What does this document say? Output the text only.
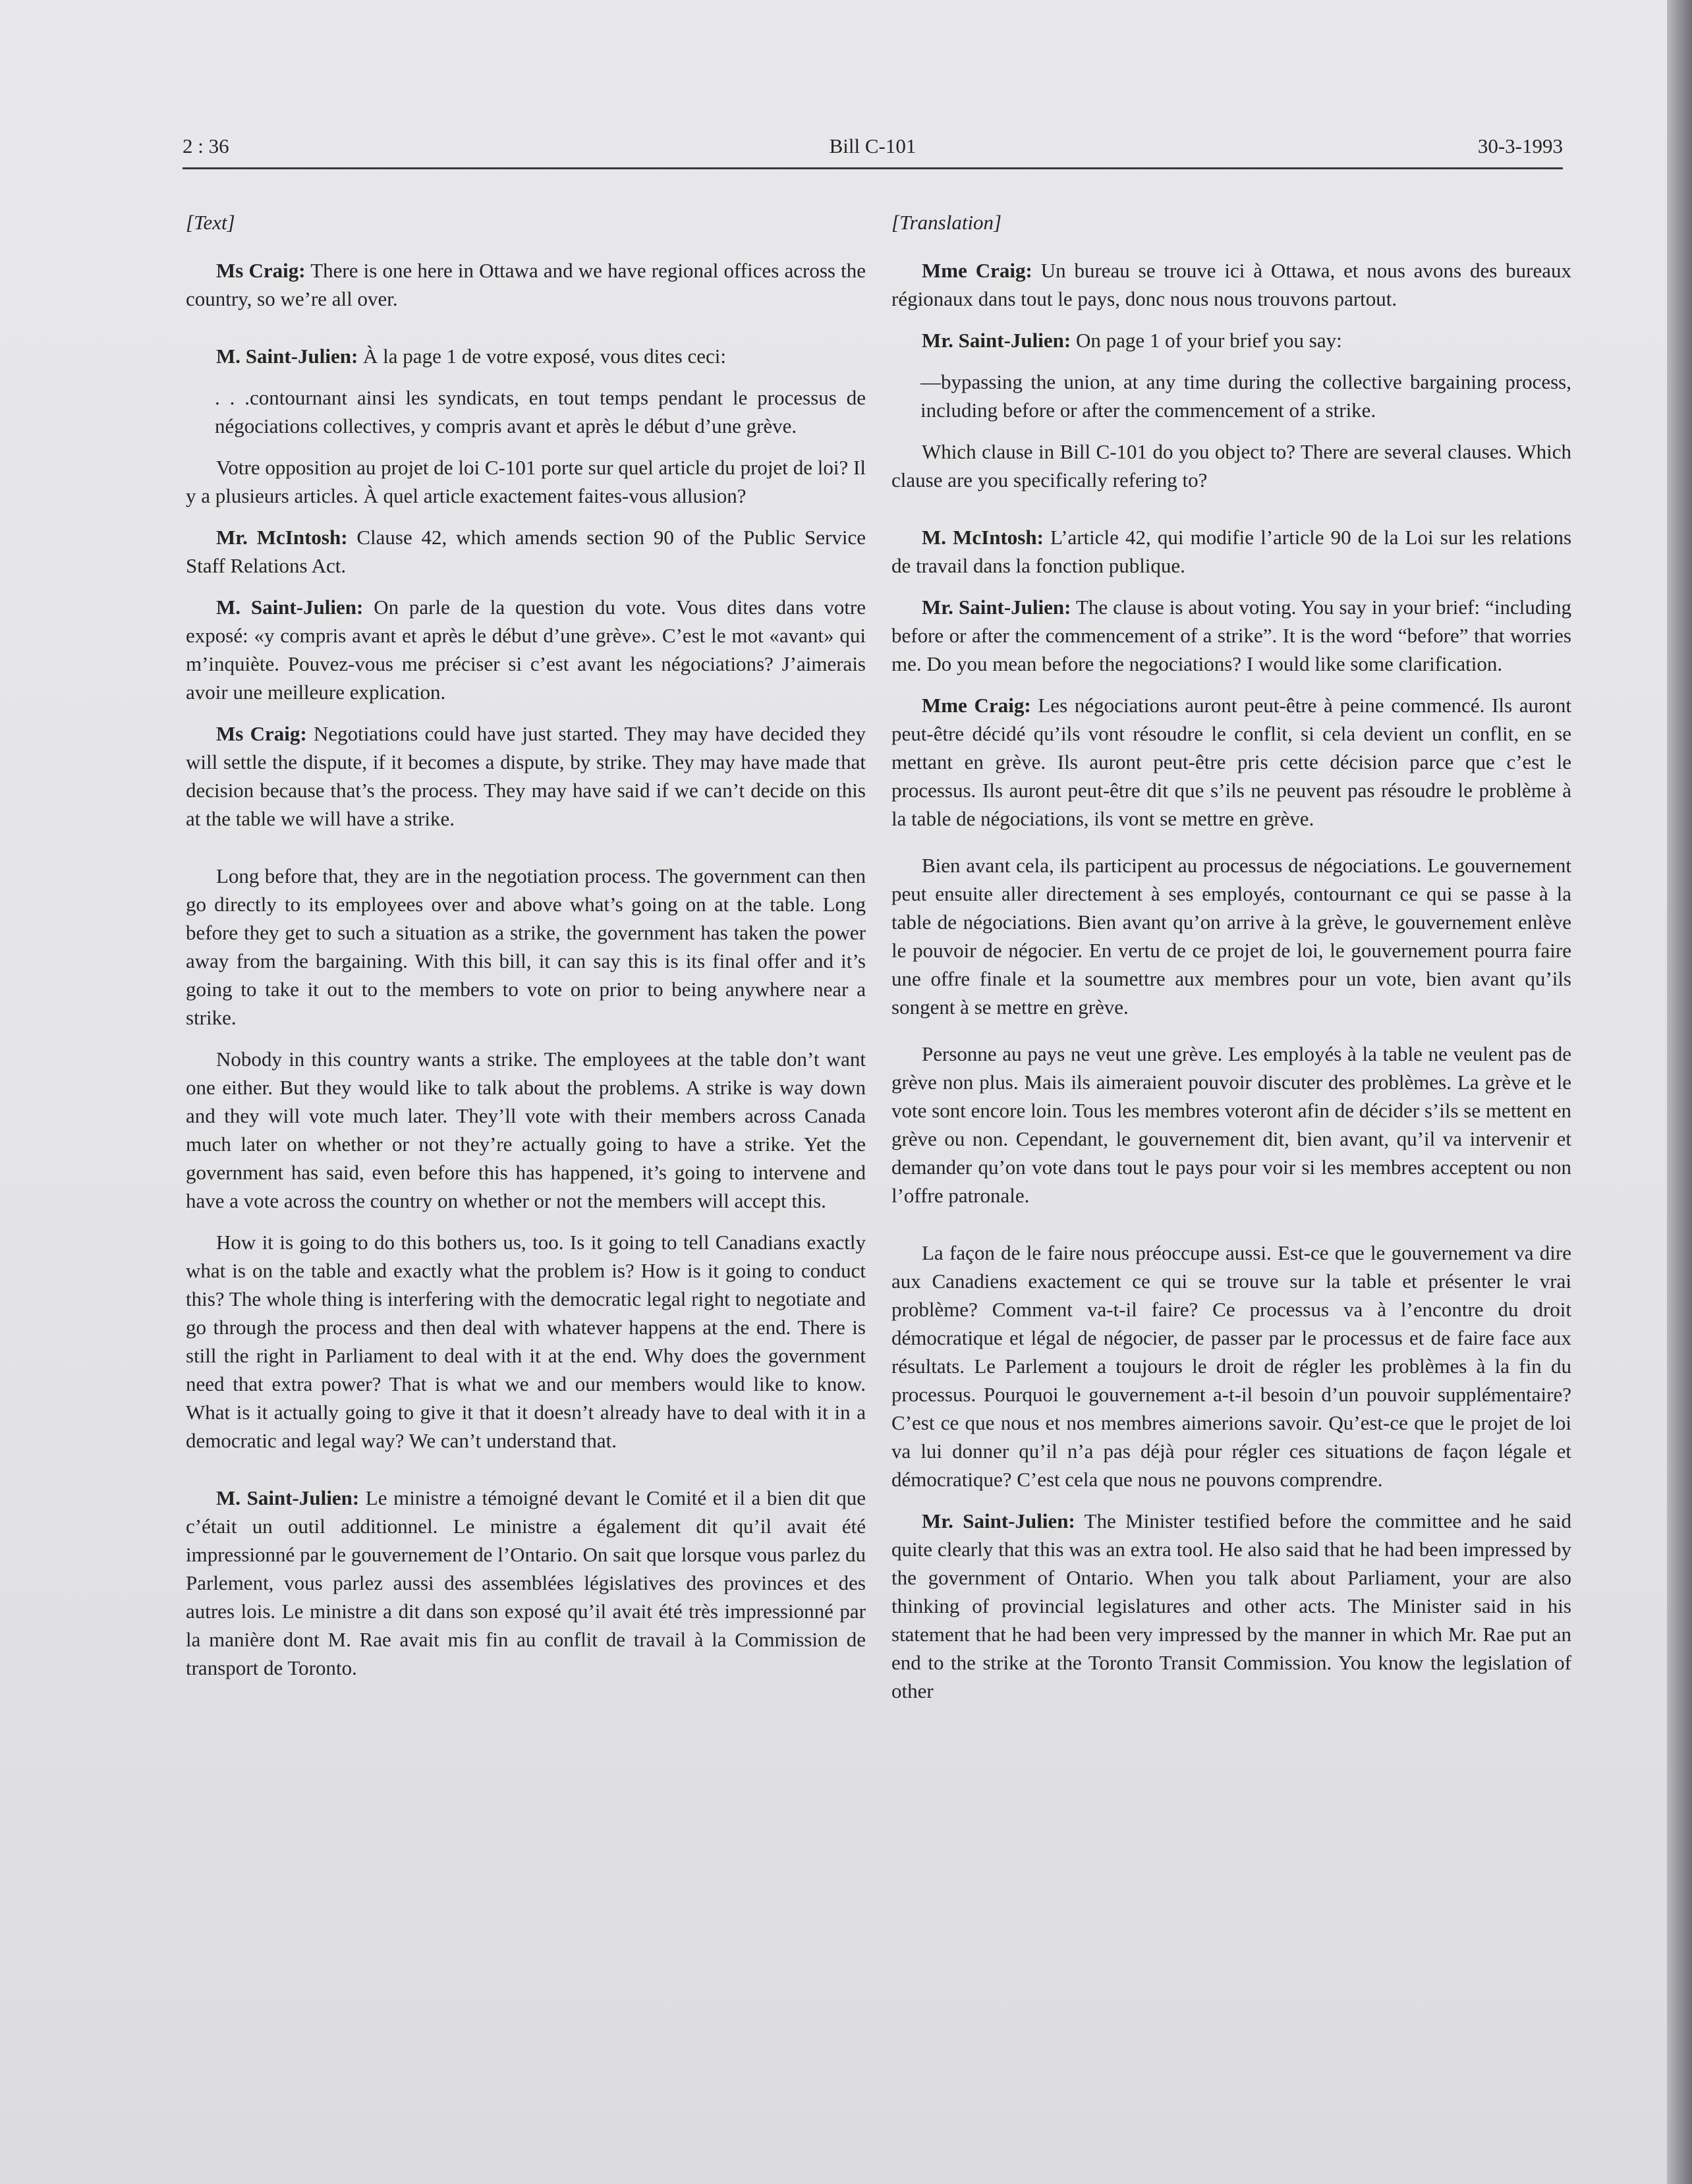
2 : 36	Bill C-101	30-3-1993

[Text]

Ms Craig: There is one here in Ottawa and we have regional offices across the country, so we’re all over.

M. Saint-Julien: À la page 1 de votre exposé, vous dites ceci:

. . .contournant ainsi les syndicats, en tout temps pendant le processus de négociations collectives, y compris avant et après le début d’une grève.

Votre opposition au projet de loi C-101 porte sur quel article du projet de loi? Il y a plusieurs articles. À quel article exactement faites-vous allusion?

Mr. McIntosh: Clause 42, which amends section 90 of the Public Service Staff Relations Act.

M. Saint-Julien: On parle de la question du vote. Vous dites dans votre exposé: «y compris avant et après le début d’une grève». C’est le mot «avant» qui m’inquiète. Pouvez-vous me préciser si c’est avant les négociations? J’aimerais avoir une meilleure explication.

Ms Craig: Negotiations could have just started. They may have decided they will settle the dispute, if it becomes a dispute, by strike. They may have made that decision because that’s the process. They may have said if we can’t decide on this at the table we will have a strike.

Long before that, they are in the negotiation process. The government can then go directly to its employees over and above what’s going on at the table. Long before they get to such a situation as a strike, the government has taken the power away from the bargaining. With this bill, it can say this is its final offer and it’s going to take it out to the members to vote on prior to being anywhere near a strike.

Nobody in this country wants a strike. The employees at the table don’t want one either. But they would like to talk about the problems. A strike is way down and they will vote much later. They’ll vote with their members across Canada much later on whether or not they’re actually going to have a strike. Yet the government has said, even before this has happened, it’s going to intervene and have a vote across the country on whether or not the members will accept this.

How it is going to do this bothers us, too. Is it going to tell Canadians exactly what is on the table and exactly what the problem is? How is it going to conduct this? The whole thing is interfering with the democratic legal right to negotiate and go through the process and then deal with whatever happens at the end. There is still the right in Parliament to deal with it at the end. Why does the government need that extra power? That is what we and our members would like to know. What is it actually going to give it that it doesn’t already have to deal with it in a democratic and legal way? We can’t understand that.

M. Saint-Julien: Le ministre a témoigné devant le Comité et il a bien dit que c’était un outil additionnel. Le ministre a également dit qu’il avait été impressionné par le gouvernement de l’Ontario. On sait que lorsque vous parlez du Parlement, vous parlez aussi des assemblées législatives des provinces et des autres lois. Le ministre a dit dans son exposé qu’il avait été très impressionné par la manière dont M. Rae avait mis fin au conflit de travail à la Commission de transport de Toronto.

[Translation]

Mme Craig: Un bureau se trouve ici à Ottawa, et nous avons des bureaux régionaux dans tout le pays, donc nous nous trouvons partout.

Mr. Saint-Julien: On page 1 of your brief you say:

—bypassing the union, at any time during the collective bargaining process, including before or after the commencement of a strike.

Which clause in Bill C-101 do you object to? There are several clauses. Which clause are you specifically refering to?

M. McIntosh: L’article 42, qui modifie l’article 90 de la Loi sur les relations de travail dans la fonction publique.

Mr. Saint-Julien: The clause is about voting. You say in your brief: “including before or after the commencement of a strike”. It is the word “before” that worries me. Do you mean before the negociations? I would like some clarification.

Mme Craig: Les négociations auront peut-être à peine commencé. Ils auront peut-être décidé qu’ils vont résoudre le conflit, si cela devient un conflit, en se mettant en grève. Ils auront peut-être pris cette décision parce que c’est le processus. Ils auront peut-être dit que s’ils ne peuvent pas résoudre le problème à la table de négociations, ils vont se mettre en grève.

Bien avant cela, ils participent au processus de négociations. Le gouvernement peut ensuite aller directement à ses employés, contournant ce qui se passe à la table de négociations. Bien avant qu’on arrive à la grève, le gouvernement enlève le pouvoir de négocier. En vertu de ce projet de loi, le gouvernement pourra faire une offre finale et la soumettre aux membres pour un vote, bien avant qu’ils songent à se mettre en grève.

Personne au pays ne veut une grève. Les employés à la table ne veulent pas de grève non plus. Mais ils aimeraient pouvoir discuter des problèmes. La grève et le vote sont encore loin. Tous les membres voteront afin de décider s’ils se mettent en grève ou non. Cependant, le gouvernement dit, bien avant, qu’il va intervenir et demander qu’on vote dans tout le pays pour voir si les membres acceptent ou non l’offre patronale.

La façon de le faire nous préoccupe aussi. Est-ce que le gouvernement va dire aux Canadiens exactement ce qui se trouve sur la table et présenter le vrai problème? Comment va-t-il faire? Ce processus va à l’encontre du droit démocratique et légal de négocier, de passer par le processus et de faire face aux résultats. Le Parlement a toujours le droit de régler les problèmes à la fin du processus. Pourquoi le gouvernement a-t-il besoin d’un pouvoir supplémentaire? C’est ce que nous et nos membres aimerions savoir. Qu’est-ce que le projet de loi va lui donner qu’il n’a pas déjà pour régler ces situations de façon légale et démocratique? C’est cela que nous ne pouvons comprendre.

Mr. Saint-Julien: The Minister testified before the committee and he said quite clearly that this was an extra tool. He also said that he had been impressed by the government of Ontario. When you talk about Parliament, your are also thinking of provincial legislatures and other acts. The Minister said in his statement that he had been very impressed by the manner in which Mr. Rae put an end to the strike at the Toronto Transit Commission. You know the legislation of other
